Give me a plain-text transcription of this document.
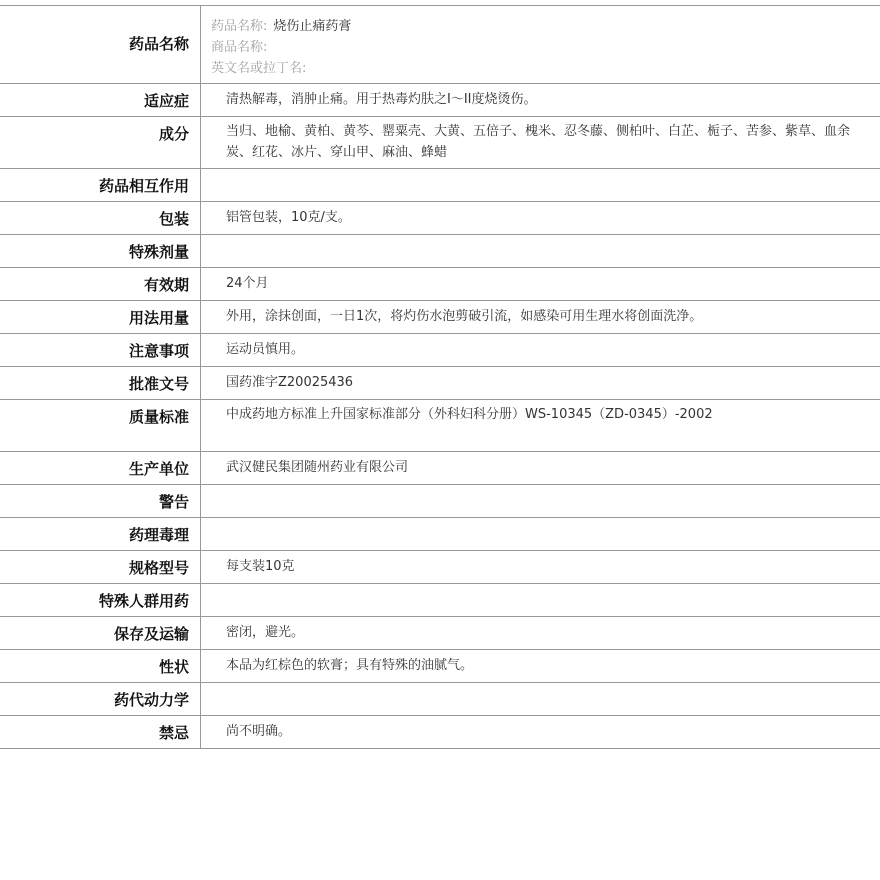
药品名称	药品名称: 烧伤止痛药膏
商品名称:
英文名或拉丁名:

适应症	清热解毒，消肿止痛。用于热毒灼肤之I～II度烧烫伤。

成分	当归、地榆、黄柏、黄芩、罂粟壳、大黄、五倍子、槐米、忍冬藤、侧柏叶、白芷、栀子、苦参、紫草、血余炭、红花、冰片、穿山甲、麻油、蜂蜡

药品相互作用	

包装	铝管包装，10克/支。

特殊剂量	

有效期	24个月

用法用量	外用，涂抹创面，一日1次，将灼伤水泡剪破引流，如感染可用生理水将创面洗净。

注意事项	运动员慎用。

批准文号	国药准字Z20025436

质量标准	中成药地方标准上升国家标准部分（外科妇科分册）WS-10345（ZD-0345）-2002

生产单位	武汉健民集团随州药业有限公司

警告	

药理毒理	

规格型号	每支装10克

特殊人群用药	

保存及运输	密闭，避光。

性状	本品为红棕色的软膏；具有特殊的油腻气。

药代动力学	

禁忌	尚不明确。
